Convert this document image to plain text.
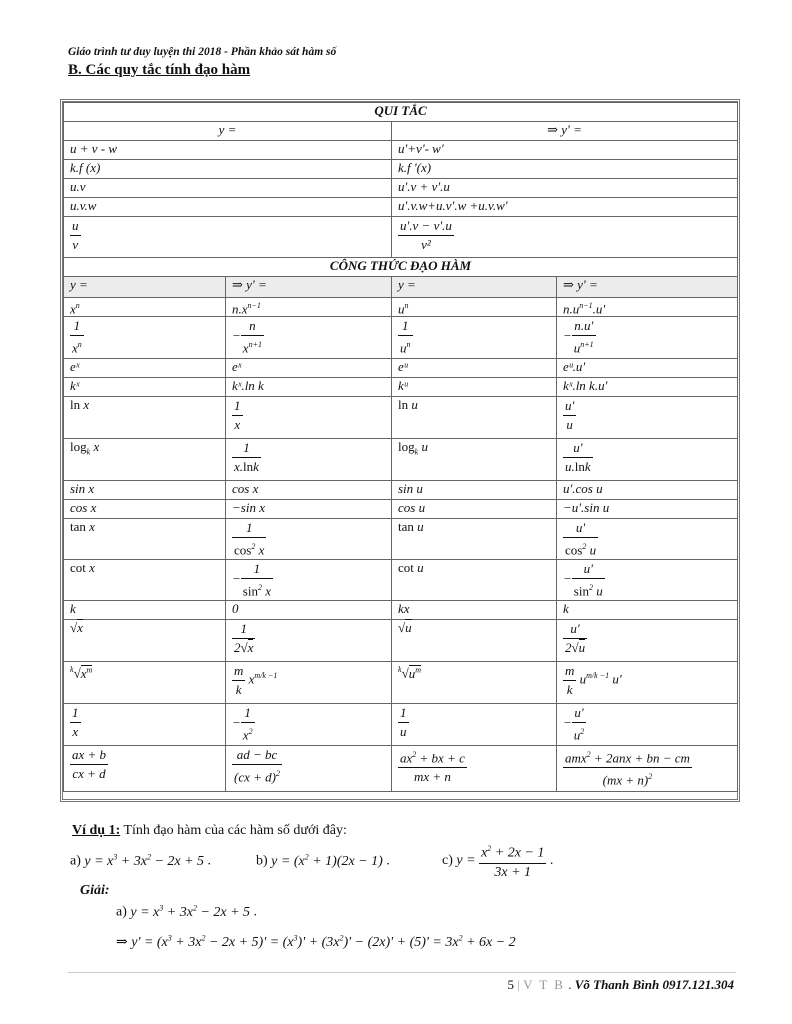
Giáo trình tư duy luyện thi 2018 - Phần khảo sát hàm số
B. Các quy tắc tính đạo hàm
QUI TẮC			
y =		⇒ y' =	
u + v - w		u'+v'- w'	
k.f (x)		k.f '(x)	
u.v		u'.v + v'.u	
u.v.w		u'.v.w+u.v'.w +u.v.w'	

$\frac{u}{v}$		$\frac{u'.v - v'.u}{\text{v²}}$

CÔNG THỨC ĐẠO HÀM			
y =	⇒ y' =	y =	⇒ y' =
$x^n$	$n.x^{n-1}$	$u^n$	$n.u^{n-1}.u'$

$\frac{1}{x^n}$	− $\frac{n}{x^{n+1}}$	$\frac{1}{u^n}$	− $\frac{n.u'}{u^{n+1}}$

eˣ	eˣ	eᵘ	eᵘ.u'
kˣ	kˣ.ln k	kᵘ	kˣ.ln k.u'
ln x	$\frac{1}{x}$	ln u	$\frac{u'}{u}$

$\log_k x$	$\frac{1}{x.\ln k}$	$\log_k u$	$\frac{u'}{u.\ln k}$

sin x	cos x	sin u	u'.cos u
cos x	−sin x	cos u	−u'.sin u
tan x	$\frac{1}{\cos^2 x}$	tan u	$\frac{u'}{\cos^2 u}$

cot x	− $\frac{1}{\sin^2 x}$	cot u	− $\frac{u'}{\sin^2 u}$

k	0	kx	k
√x	$\frac{1}{2√x}$	√u	$\frac{u'}{2√u}$

$^k√x^m$	$\frac{m}{k} x^{m/k -1}$	$^k√u^m$	$\frac{m}{k} u^{m/k -1}$ u'

$\frac{1}{x}$	− $\frac{1}{x^2}$	$\frac{1}{u}$	− $\frac{u'}{u^2}$

$\frac{ax + b}{cx + d}$	$\frac{ad - bc}{(cx + d)^2}$	$\frac{ax^2 + bx + c}{mx + n}$	$\frac{amx^2 + 2anx + bn - cm}{(mx + n)^2}$
Ví dụ 1: Tính đạo hàm của các hàm số dưới đây:
a) $y = x^3 + 3x^2 - 2x + 5$ .	b) $y = (x^2 + 1)(2x - 1)$ .	c) $y = \frac{x^2 + 2x - 1}{3x + 1}$ .
Giải:
a) $y = x^3 + 3x^2 - 2x + 5$ .
⇒ $y' = (x^3 + 3x^2 - 2x + 5)' = (x^3)' + (3x^2)' - (2x)' + (5)' = 3x^2 + 6x - 2$
5 | V T B . Võ Thanh Bình 0917.121.304
